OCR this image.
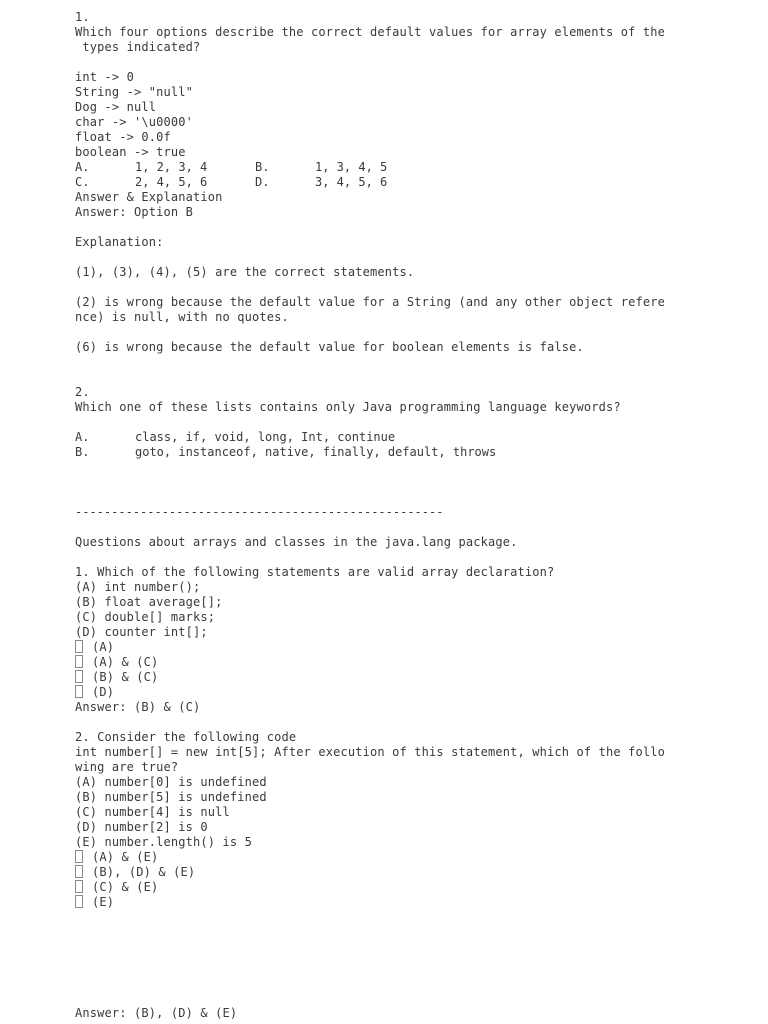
1.
Which four options describe the correct default values for array elements of the
types indicated?
int -> 0
String -> "null"
Dog -> null
char -> '\u0000'
float -> 0.0f
boolean -> true
A.	1, 2, 3, 4	B.	1, 3, 4, 5
C.	2, 4, 5, 6	D.	3, 4, 5, 6
Answer & Explanation
Answer: Option B
Explanation:
(1), (3), (4), (5) are the correct statements.
(2) is wrong because the default value for a String (and any other object refere
nce) is null, with no quotes.
(6) is wrong because the default value for boolean elements is false.
2.
Which one of these lists contains only Java programming language keywords?
A.	class, if, void, long, Int, continue
B.	goto, instanceof, native, finally, default, throws
---------------------------------------------------
Questions about arrays and classes in the java.lang package.
1. Which of the following statements are valid array declaration?
(A) int number();
(B) float average[];
(C) double[] marks;
(D) counter int[];
(A)
(A) & (C)
(B) & (C)
(D)
Answer: (B) & (C)
2. Consider the following code
int number[] = new int[5]; After execution of this statement, which of the follo
wing are true?
(A) number[0] is undefined
(B) number[5] is undefined
(C) number[4] is null
(D) number[2] is 0
(E) number.length() is 5
(A) & (E)
(B), (D) & (E)
(C) & (E)
(E)
Answer: (B), (D) & (E)
